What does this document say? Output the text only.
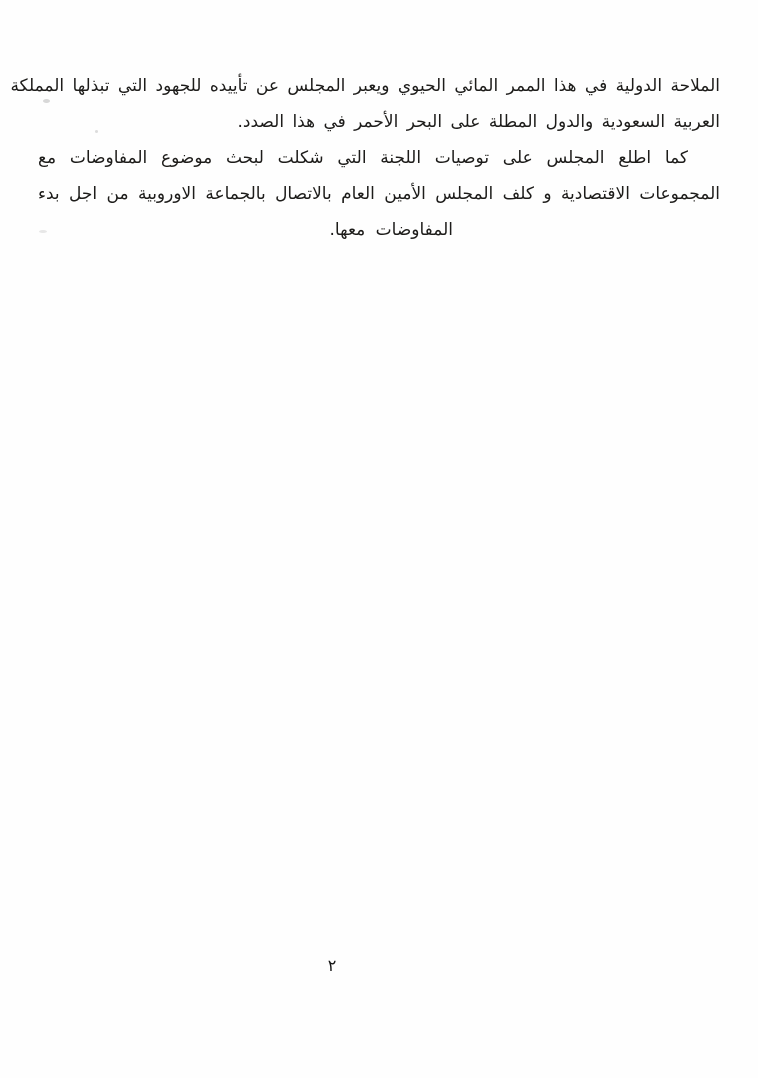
الملاحة الدولية في هذا الممر المائي الحيوي ويعبر المجلس عن تأييده للجهود التي تبذلها المملكة
العربية السعودية والدول المطلة على البحر الأحمر في هذا الصدد.
كما اطلع المجلس على توصيات اللجنة التي شكلت لبحث موضوع المفاوضات مع
المجموعات الاقتصادية و كلف المجلس الأمين العام بالاتصال بالجماعة الاوروبية من اجل بدء
المفاوضات معها.
٢
